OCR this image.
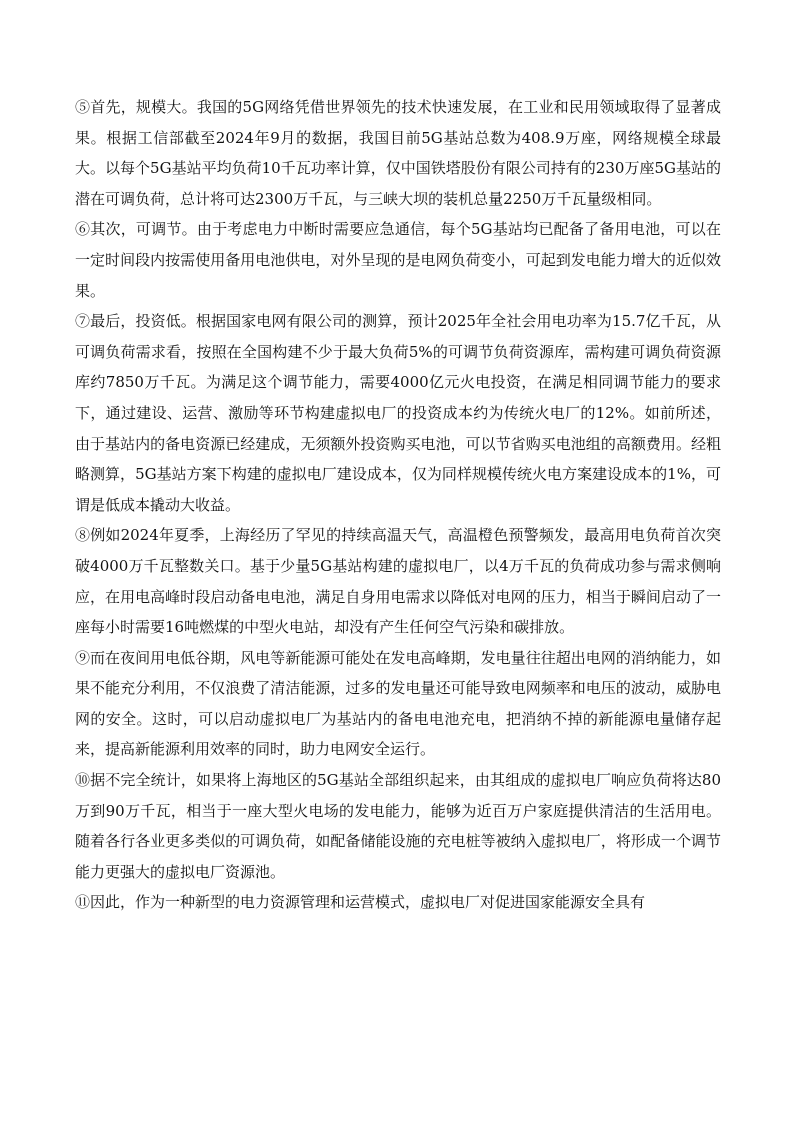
⑤首先，规模大。我国的5G网络凭借世界领先的技术快速发展，在工业和民用领域取得了显著成果。根据工信部截至2024年9月的数据，我国目前5G基站总数为408.9万座，网络规模全球最大。以每个5G基站平均负荷10千瓦功率计算，仅中国铁塔股份有限公司持有的230万座5G基站的潜在可调负荷，总计将可达2300万千瓦，与三峡大坝的装机总量2250万千瓦量级相同。

⑥其次，可调节。由于考虑电力中断时需要应急通信，每个5G基站均已配备了备用电池，可以在一定时间段内按需使用备用电池供电，对外呈现的是电网负荷变小，可起到发电能力增大的近似效果。

⑦最后，投资低。根据国家电网有限公司的测算，预计2025年全社会用电功率为15.7亿千瓦，从可调负荷需求看，按照在全国构建不少于最大负荷5%的可调节负荷资源库，需构建可调负荷资源库约7850万千瓦。为满足这个调节能力，需要4000亿元火电投资，在满足相同调节能力的要求下，通过建设、运营、激励等环节构建虚拟电厂的投资成本约为传统火电厂的12%。如前所述，由于基站内的备电资源已经建成，无须额外投资购买电池，可以节省购买电池组的高额费用。经粗略测算，5G基站方案下构建的虚拟电厂建设成本，仅为同样规模传统火电方案建设成本的1%，可谓是低成本撬动大收益。

⑧例如2024年夏季，上海经历了罕见的持续高温天气，高温橙色预警频发，最高用电负荷首次突破4000万千瓦整数关口。基于少量5G基站构建的虚拟电厂，以4万千瓦的负荷成功参与需求侧响应，在用电高峰时段启动备电电池，满足自身用电需求以降低对电网的压力，相当于瞬间启动了一座每小时需要16吨燃煤的中型火电站，却没有产生任何空气污染和碳排放。

⑨而在夜间用电低谷期，风电等新能源可能处在发电高峰期，发电量往往超出电网的消纳能力，如果不能充分利用，不仅浪费了清洁能源，过多的发电量还可能导致电网频率和电压的波动，威胁电网的安全。这时，可以启动虚拟电厂为基站内的备电电池充电，把消纳不掉的新能源电量储存起来，提高新能源利用效率的同时，助力电网安全运行。

⑩据不完全统计，如果将上海地区的5G基站全部组织起来，由其组成的虚拟电厂响应负荷将达80万到90万千瓦，相当于一座大型火电场的发电能力，能够为近百万户家庭提供清洁的生活用电。随着各行各业更多类似的可调负荷，如配备储能设施的充电桩等被纳入虚拟电厂，将形成一个调节能力更强大的虚拟电厂资源池。

⑪因此，作为一种新型的电力资源管理和运营模式，虚拟电厂对促进国家能源安全具有
